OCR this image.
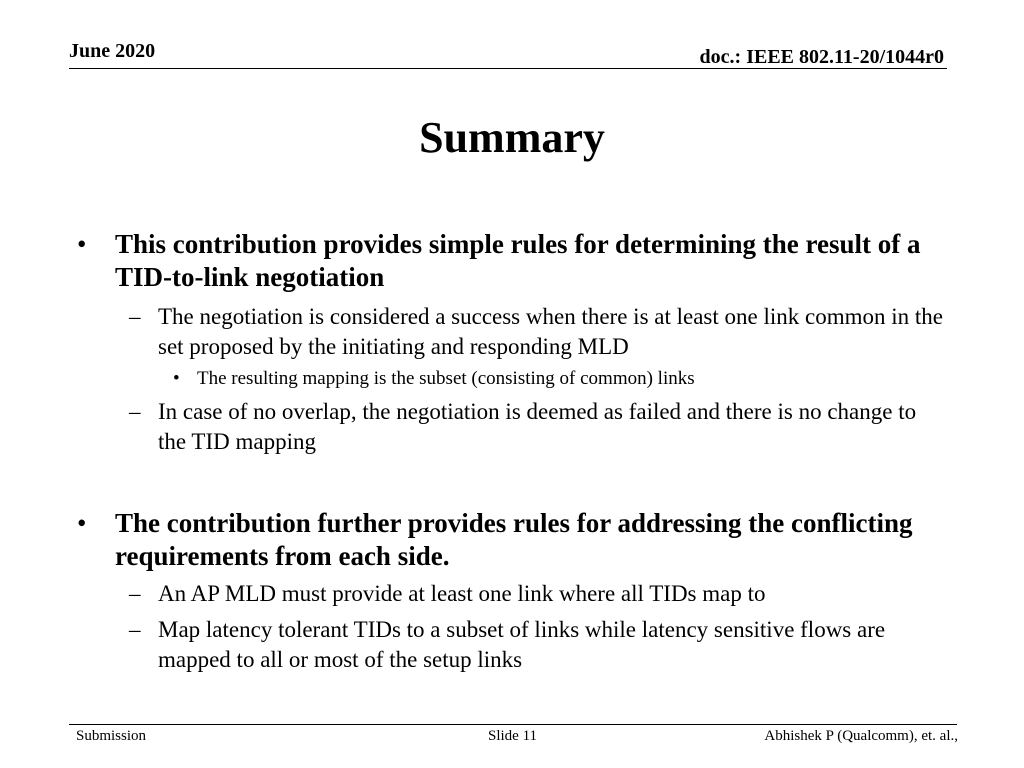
June 2020	doc.: IEEE 802.11-20/1044r0
Summary
• This contribution provides simple rules for determining the result of a TID-to-link negotiation
– The negotiation is considered a success when there is at least one link common in the set proposed by the initiating and responding MLD
• The resulting mapping is the subset (consisting of common) links
– In case of no overlap, the negotiation is deemed as failed and there is no change to the TID mapping
• The contribution further provides rules for addressing the conflicting requirements from each side.
– An AP MLD must provide at least one link where all TIDs map to
– Map latency tolerant TIDs to a subset of links while latency sensitive flows are mapped to all or most of the setup links
Submission	Slide 11	Abhishek P (Qualcomm), et. al.,
